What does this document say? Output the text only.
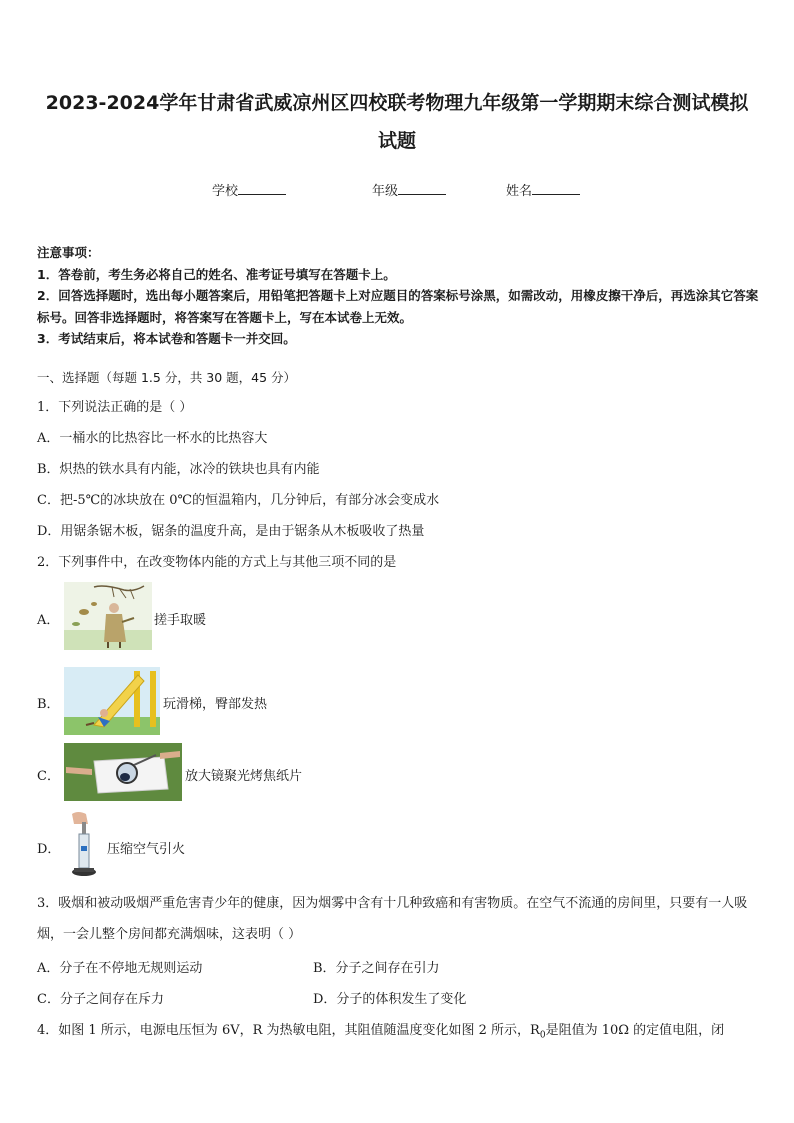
2023-2024学年甘肃省武威凉州区四校联考物理九年级第一学期期末综合测试模拟试题
学校	年级	姓名
注意事项：
1．答卷前，考生务必将自己的姓名、准考证号填写在答题卡上。
2．回答选择题时，选出每小题答案后，用铅笔把答题卡上对应题目的答案标号涂黑，如需改动，用橡皮擦干净后，再选涂其它答案标号。回答非选择题时，将答案写在答题卡上，写在本试卷上无效。
3．考试结束后，将本试卷和答题卡一并交回。
一、选择题（每题 1.5 分，共 30 题，45 分）
1．下列说法正确的是（ ）
A．一桶水的比热容比一杯水的比热容大
B．炽热的铁水具有内能，冰冷的铁块也具有内能
C．把-5℃的冰块放在 0℃的恒温箱内，几分钟后，有部分冰会变成水
D．用锯条锯木板，锯条的温度升高，是由于锯条从木板吸收了热量
2．下列事件中，在改变物体内能的方式上与其他三项不同的是
A．	搓手取暖
B．	玩滑梯，臀部发热
C．	放大镜聚光烤焦纸片
D．	压缩空气引火
3．吸烟和被动吸烟严重危害青少年的健康，因为烟雾中含有十几种致癌和有害物质。在空气不流通的房间里，只要有一人吸烟，一会儿整个房间都充满烟味，这表明（ ）
A．分子在不停地无规则运动	B．分子之间存在引力
C．分子之间存在斥力	D．分子的体积发生了变化
4．如图 1 所示，电源电压恒为 6V，R 为热敏电阻，其阻值随温度变化如图 2 所示，$R_0$是阻值为 10Ω 的定值电阻，闭
